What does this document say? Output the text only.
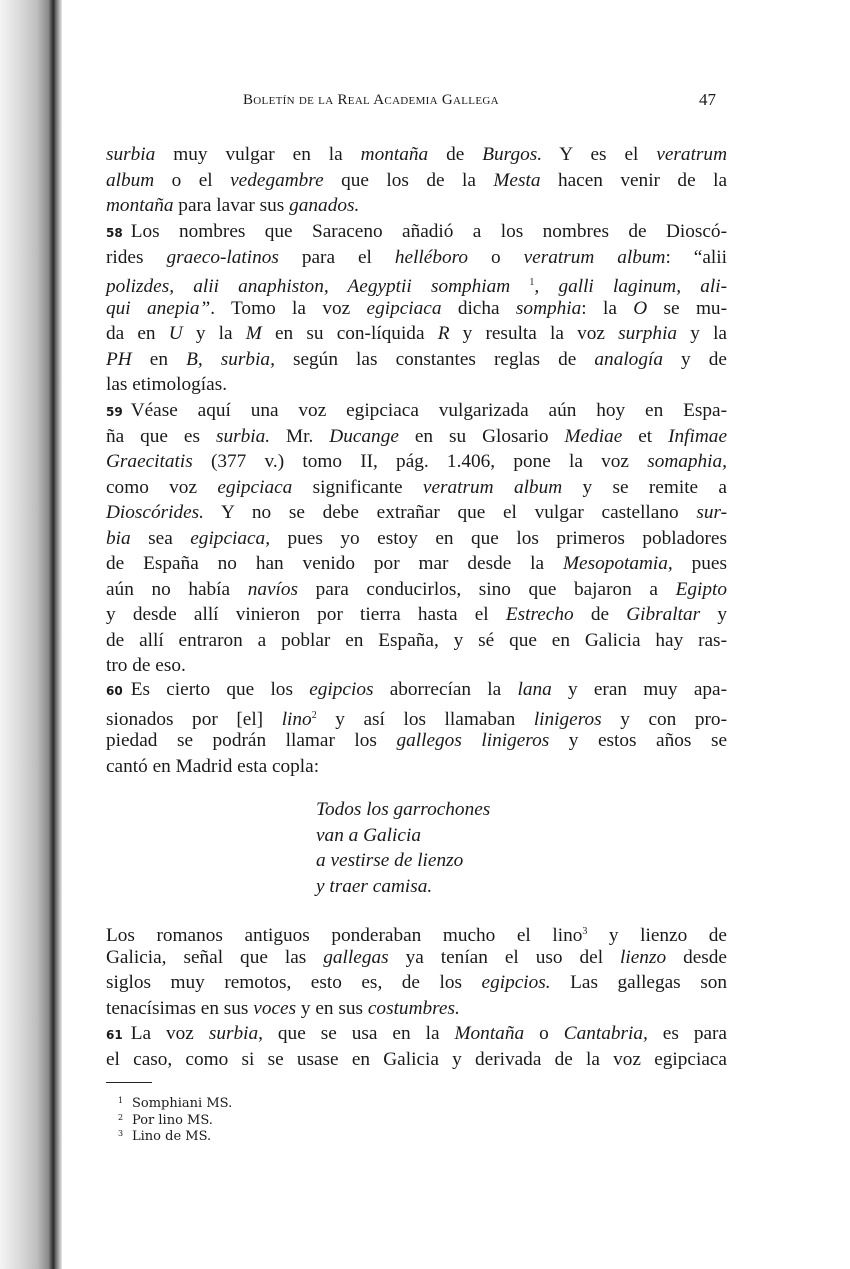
Boletín de la Real Academia Gallega	47
surbia muy vulgar en la montaña de Burgos. Y es el veratrum
album o el vedegambre que los de la Mesta hacen venir de la
montaña para lavar sus ganados.
58 Los nombres que Saraceno añadió a los nombres de Dioscó-
rides graeco-latinos para el helléboro o veratrum album: “alii
polizdes, alii anaphiston, Aegyptii somphiam $^1$, galli laginum, ali-
qui anepia”. Tomo la voz egipciaca dicha somphia: la O se mu-
da en U y la M en su con-líquida R y resulta la voz surphia y la
PH en B, surbia, según las constantes reglas de analogía y de
las etimologías.
59 Véase aquí una voz egipciaca vulgarizada aún hoy en Espa-
ña que es surbia. Mr. Ducange en su Glosario Mediae et Infimae
Graecitatis (377 v.) tomo II, pág. 1.406, pone la voz somaphia,
como voz egipciaca significante veratrum album y se remite a
Dioscórides. Y no se debe extrañar que el vulgar castellano sur-
bia sea egipciaca, pues yo estoy en que los primeros pobladores
de España no han venido por mar desde la Mesopotamia, pues
aún no había navíos para conducirlos, sino que bajaron a Egipto
y desde allí vinieron por tierra hasta el Estrecho de Gibraltar y
de allí entraron a poblar en España, y sé que en Galicia hay ras-
tro de eso.
60 Es cierto que los egipcios aborrecían la lana y eran muy apa-
sionados por [el] lino$^2$ y así los llamaban linigeros y con pro-
piedad se podrán llamar los gallegos linigeros y estos años se
cantó en Madrid esta copla:
Todos los garrochones
van a Galicia
a vestirse de lienzo
y traer camisa.
Los romanos antiguos ponderaban mucho el lino$^3$ y lienzo de
Galicia, señal que las gallegas ya tenían el uso del lienzo desde
siglos muy remotos, esto es, de los egipcios. Las gallegas son
tenacísimas en sus voces y en sus costumbres.
61 La voz surbia, que se usa en la Montaña o Cantabria, es para
el caso, como si se usase en Galicia y derivada de la voz egipciaca
1 Somphiani MS.
2 Por lino MS.
3 Lino de MS.
